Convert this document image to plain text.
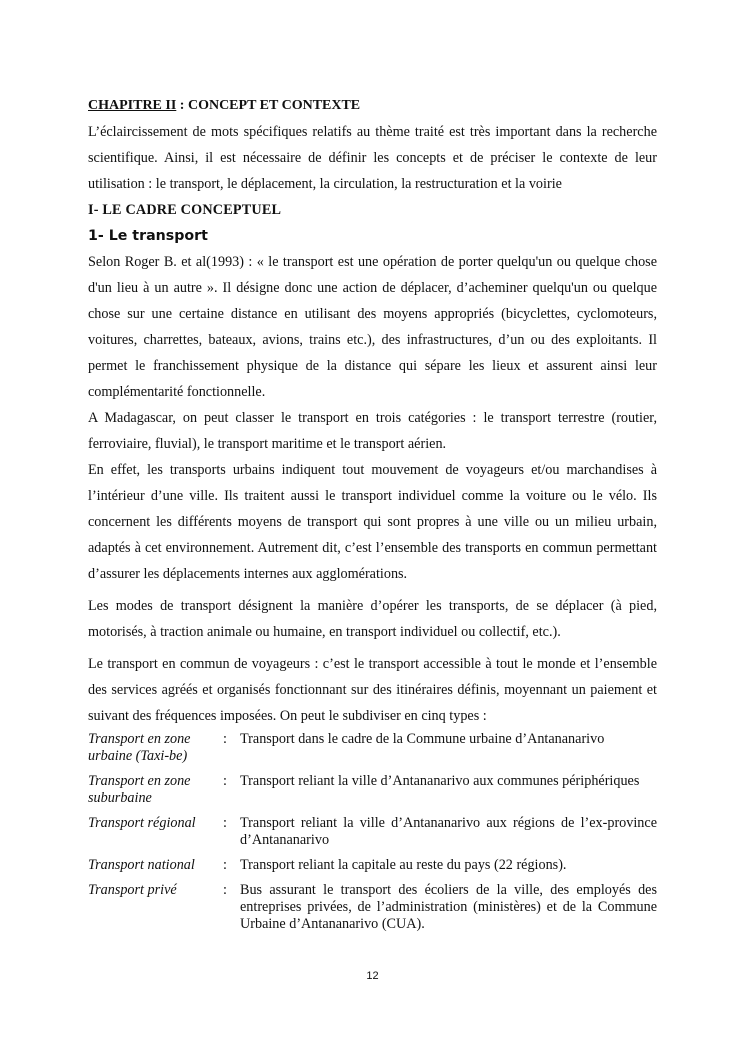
CHAPITRE II : CONCEPT ET CONTEXTE

L’éclaircissement de mots spécifiques relatifs au thème traité est très important dans la recherche scientifique. Ainsi, il est nécessaire de définir les concepts et de préciser le contexte de leur utilisation : le transport, le déplacement, la circulation, la restructuration et la voirie

I- LE CADRE CONCEPTUEL

1- Le transport

Selon Roger B. et al(1993) : « le transport est une opération de porter quelqu'un ou quelque chose d'un lieu à un autre ». Il désigne donc une action de déplacer, d’acheminer quelqu'un ou quelque chose sur une certaine distance en utilisant des moyens appropriés (bicyclettes, cyclomoteurs, voitures, charrettes, bateaux, avions, trains etc.), des infrastructures, d’un ou des exploitants. Il permet le franchissement physique de la distance qui sépare les lieux et assurent ainsi leur complémentarité fonctionnelle.

A Madagascar, on peut classer le transport en trois catégories : le transport terrestre (routier, ferroviaire, fluvial), le transport maritime et le transport aérien.

En effet, les transports urbains indiquent tout mouvement de voyageurs et/ou marchandises à l’intérieur d’une ville. Ils traitent aussi le transport individuel comme la voiture ou le vélo. Ils concernent les différents moyens de transport qui sont propres à une ville ou un milieu urbain, adaptés à cet environnement. Autrement dit, c’est l’ensemble des transports en commun permettant d’assurer les déplacements internes aux agglomérations.

Les modes de transport désignent la manière d’opérer les transports, de se déplacer (à pied, motorisés, à traction animale ou humaine, en transport individuel ou collectif, etc.).

Le transport en commun de voyageurs : c’est le transport accessible à tout le monde et l’ensemble des services agréés et organisés fonctionnant sur des itinéraires définis, moyennant un paiement et suivant des fréquences imposées. On peut le subdiviser en cinq types :

Transport en zone urbaine (Taxi-be)
: Transport dans le cadre de la Commune urbaine d’Antananarivo
Transport en zone suburbaine
: Transport reliant la ville d’Antananarivo aux communes périphériques
Transport régional	: Transport reliant la ville d’Antananarivo aux régions de l’ex-province d’Antananarivo
Transport national	: Transport reliant la capitale au reste du pays (22 régions).
Transport privé	: Bus assurant le transport des écoliers de la ville, des employés des entreprises privées, de l’administration (ministères) et de la Commune Urbaine d’Antananarivo (CUA).
12
